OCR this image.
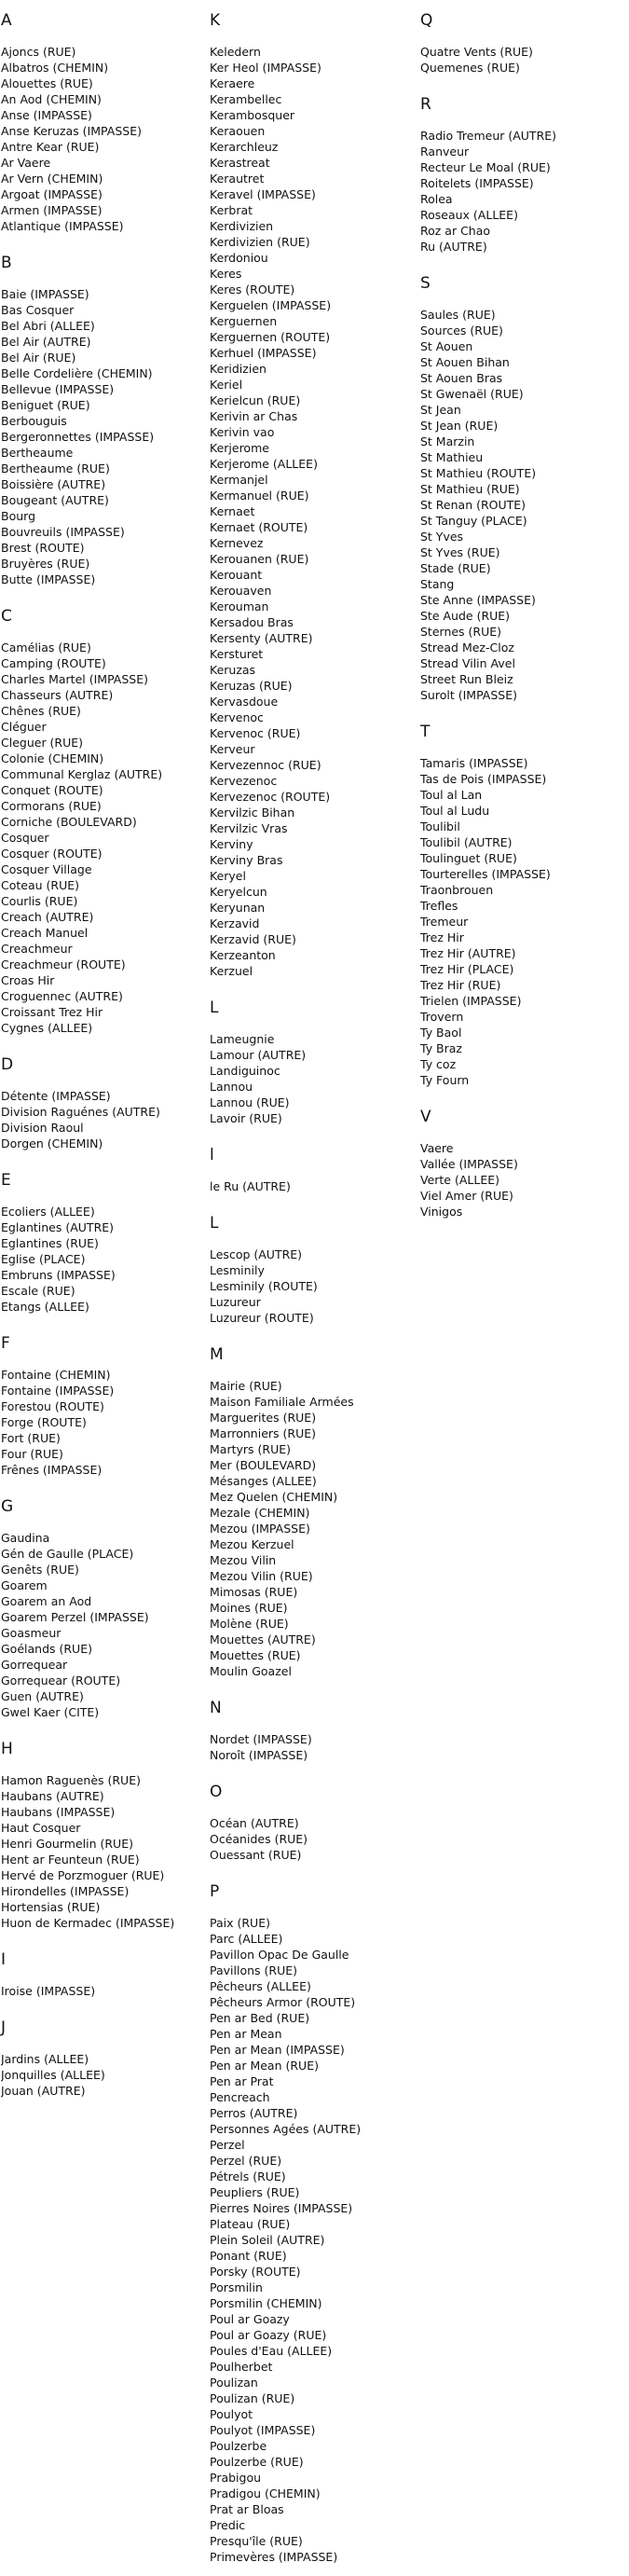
A
Ajoncs (RUE)
Albatros (CHEMIN)
Alouettes (RUE)
An Aod (CHEMIN)
Anse (IMPASSE)
Anse Keruzas (IMPASSE)
Antre Kear (RUE)
Ar Vaere
Ar Vern (CHEMIN)
Argoat (IMPASSE)
Armen (IMPASSE)
Atlantique (IMPASSE)
B
Baie (IMPASSE)
Bas Cosquer
Bel Abri (ALLEE)
Bel Air (AUTRE)
Bel Air (RUE)
Belle Cordelière (CHEMIN)
Bellevue (IMPASSE)
Beniguet (RUE)
Berbouguis
Bergeronnettes (IMPASSE)
Bertheaume
Bertheaume (RUE)
Boissière (AUTRE)
Bougeant (AUTRE)
Bourg
Bouvreuils (IMPASSE)
Brest (ROUTE)
Bruyères (RUE)
Butte (IMPASSE)
C
Camélias (RUE)
Camping (ROUTE)
Charles Martel (IMPASSE)
Chasseurs (AUTRE)
Chênes (RUE)
Cléguer
Cleguer (RUE)
Colonie (CHEMIN)
Communal Kerglaz (AUTRE)
Conquet (ROUTE)
Cormorans (RUE)
Corniche (BOULEVARD)
Cosquer
Cosquer (ROUTE)
Cosquer Village
Coteau (RUE)
Courlis (RUE)
Creach (AUTRE)
Creach Manuel
Creachmeur
Creachmeur (ROUTE)
Croas Hir
Croguennec (AUTRE)
Croissant Trez Hir
Cygnes (ALLEE)
D
Détente (IMPASSE)
Division Raguénes (AUTRE)
Division Raoul
Dorgen (CHEMIN)
E
Ecoliers (ALLEE)
Eglantines (AUTRE)
Eglantines (RUE)
Eglise (PLACE)
Embruns (IMPASSE)
Escale (RUE)
Etangs (ALLEE)
F
Fontaine (CHEMIN)
Fontaine (IMPASSE)
Forestou (ROUTE)
Forge (ROUTE)
Fort (RUE)
Four (RUE)
Frênes (IMPASSE)
G
Gaudina
Gén de Gaulle (PLACE)
Genêts (RUE)
Goarem
Goarem an Aod
Goarem Perzel (IMPASSE)
Goasmeur
Goélands (RUE)
Gorrequear
Gorrequear (ROUTE)
Guen (AUTRE)
Gwel Kaer (CITE)
H
Hamon Raguenès (RUE)
Haubans (AUTRE)
Haubans (IMPASSE)
Haut Cosquer
Henri Gourmelin (RUE)
Hent ar Feunteun (RUE)
Hervé de Porzmoguer (RUE)
Hirondelles (IMPASSE)
Hortensias (RUE)
Huon de Kermadec (IMPASSE)
I
Iroise (IMPASSE)
J
Jardins (ALLEE)
Jonquilles (ALLEE)
Jouan (AUTRE)
K
Keledern
Ker Heol (IMPASSE)
Keraere
Kerambellec
Kerambosquer
Keraouen
Kerarchleuz
Kerastreat
Kerautret
Keravel (IMPASSE)
Kerbrat
Kerdivizien
Kerdivizien (RUE)
Kerdoniou
Keres
Keres (ROUTE)
Kerguelen (IMPASSE)
Kerguernen
Kerguernen (ROUTE)
Kerhuel (IMPASSE)
Keridizien
Keriel
Kerielcun (RUE)
Kerivin ar Chas
Kerivin vao
Kerjerome
Kerjerome (ALLEE)
Kermanjel
Kermanuel (RUE)
Kernaet
Kernaet (ROUTE)
Kernevez
Kerouanen (RUE)
Kerouant
Kerouaven
Kerouman
Kersadou Bras
Kersenty (AUTRE)
Kersturet
Keruzas
Keruzas (RUE)
Kervasdoue
Kervenoc
Kervenoc (RUE)
Kerveur
Kervezennoc (RUE)
Kervezenoc
Kervezenoc (ROUTE)
Kervilzic Bihan
Kervilzic Vras
Kerviny
Kerviny Bras
Keryel
Keryelcun
Keryunan
Kerzavid
Kerzavid (RUE)
Kerzeanton
Kerzuel
L
Lameugnie
Lamour (AUTRE)
Landiguinoc
Lannou
Lannou (RUE)
Lavoir (RUE)
l
le Ru (AUTRE)
L
Lescop (AUTRE)
Lesminily
Lesminily (ROUTE)
Luzureur
Luzureur (ROUTE)
M
Mairie (RUE)
Maison Familiale Armées
Marguerites (RUE)
Marronniers (RUE)
Martyrs (RUE)
Mer (BOULEVARD)
Mésanges (ALLEE)
Mez Quelen (CHEMIN)
Mezale (CHEMIN)
Mezou (IMPASSE)
Mezou Kerzuel
Mezou Vilin
Mezou Vilin (RUE)
Mimosas (RUE)
Moines (RUE)
Molène (RUE)
Mouettes (AUTRE)
Mouettes (RUE)
Moulin Goazel
N
Nordet (IMPASSE)
Noroît (IMPASSE)
O
Océan (AUTRE)
Océanides (RUE)
Ouessant (RUE)
P
Paix (RUE)
Parc (ALLEE)
Pavillon Opac De Gaulle
Pavillons (RUE)
Pêcheurs (ALLEE)
Pêcheurs Armor (ROUTE)
Pen ar Bed (RUE)
Pen ar Mean
Pen ar Mean (IMPASSE)
Pen ar Mean (RUE)
Pen ar Prat
Pencreach
Perros (AUTRE)
Personnes Agées (AUTRE)
Perzel
Perzel (RUE)
Pétrels (RUE)
Peupliers (RUE)
Pierres Noires (IMPASSE)
Plateau (RUE)
Plein Soleil (AUTRE)
Ponant (RUE)
Porsky (ROUTE)
Porsmilin
Porsmilin (CHEMIN)
Poul ar Goazy
Poul ar Goazy (RUE)
Poules d'Eau (ALLEE)
Poulherbet
Poulizan
Poulizan (RUE)
Poulyot
Poulyot (IMPASSE)
Poulzerbe
Poulzerbe (RUE)
Prabigou
Pradigou (CHEMIN)
Prat ar Bloas
Predic
Presqu'île (RUE)
Primevères (IMPASSE)
Q
Quatre Vents (RUE)
Quemenes (RUE)
R
Radio Tremeur (AUTRE)
Ranveur
Recteur Le Moal (RUE)
Roitelets (IMPASSE)
Rolea
Roseaux (ALLEE)
Roz ar Chao
Ru (AUTRE)
S
Saules (RUE)
Sources (RUE)
St Aouen
St Aouen Bihan
St Aouen Bras
St Gwenaël (RUE)
St Jean
St Jean (RUE)
St Marzin
St Mathieu
St Mathieu (ROUTE)
St Mathieu (RUE)
St Renan (ROUTE)
St Tanguy (PLACE)
St Yves
St Yves (RUE)
Stade (RUE)
Stang
Ste Anne (IMPASSE)
Ste Aude (RUE)
Sternes (RUE)
Stread Mez-Cloz
Stread Vilin Avel
Street Run Bleiz
Surolt (IMPASSE)
T
Tamaris (IMPASSE)
Tas de Pois (IMPASSE)
Toul al Lan
Toul al Ludu
Toulibil
Toulibil (AUTRE)
Toulinguet (RUE)
Tourterelles (IMPASSE)
Traonbrouen
Trefles
Tremeur
Trez Hir
Trez Hir (AUTRE)
Trez Hir (PLACE)
Trez Hir (RUE)
Trielen (IMPASSE)
Trovern
Ty Baol
Ty Braz
Ty coz
Ty Fourn
V
Vaere
Vallée (IMPASSE)
Verte (ALLEE)
Viel Amer (RUE)
Vinigos
